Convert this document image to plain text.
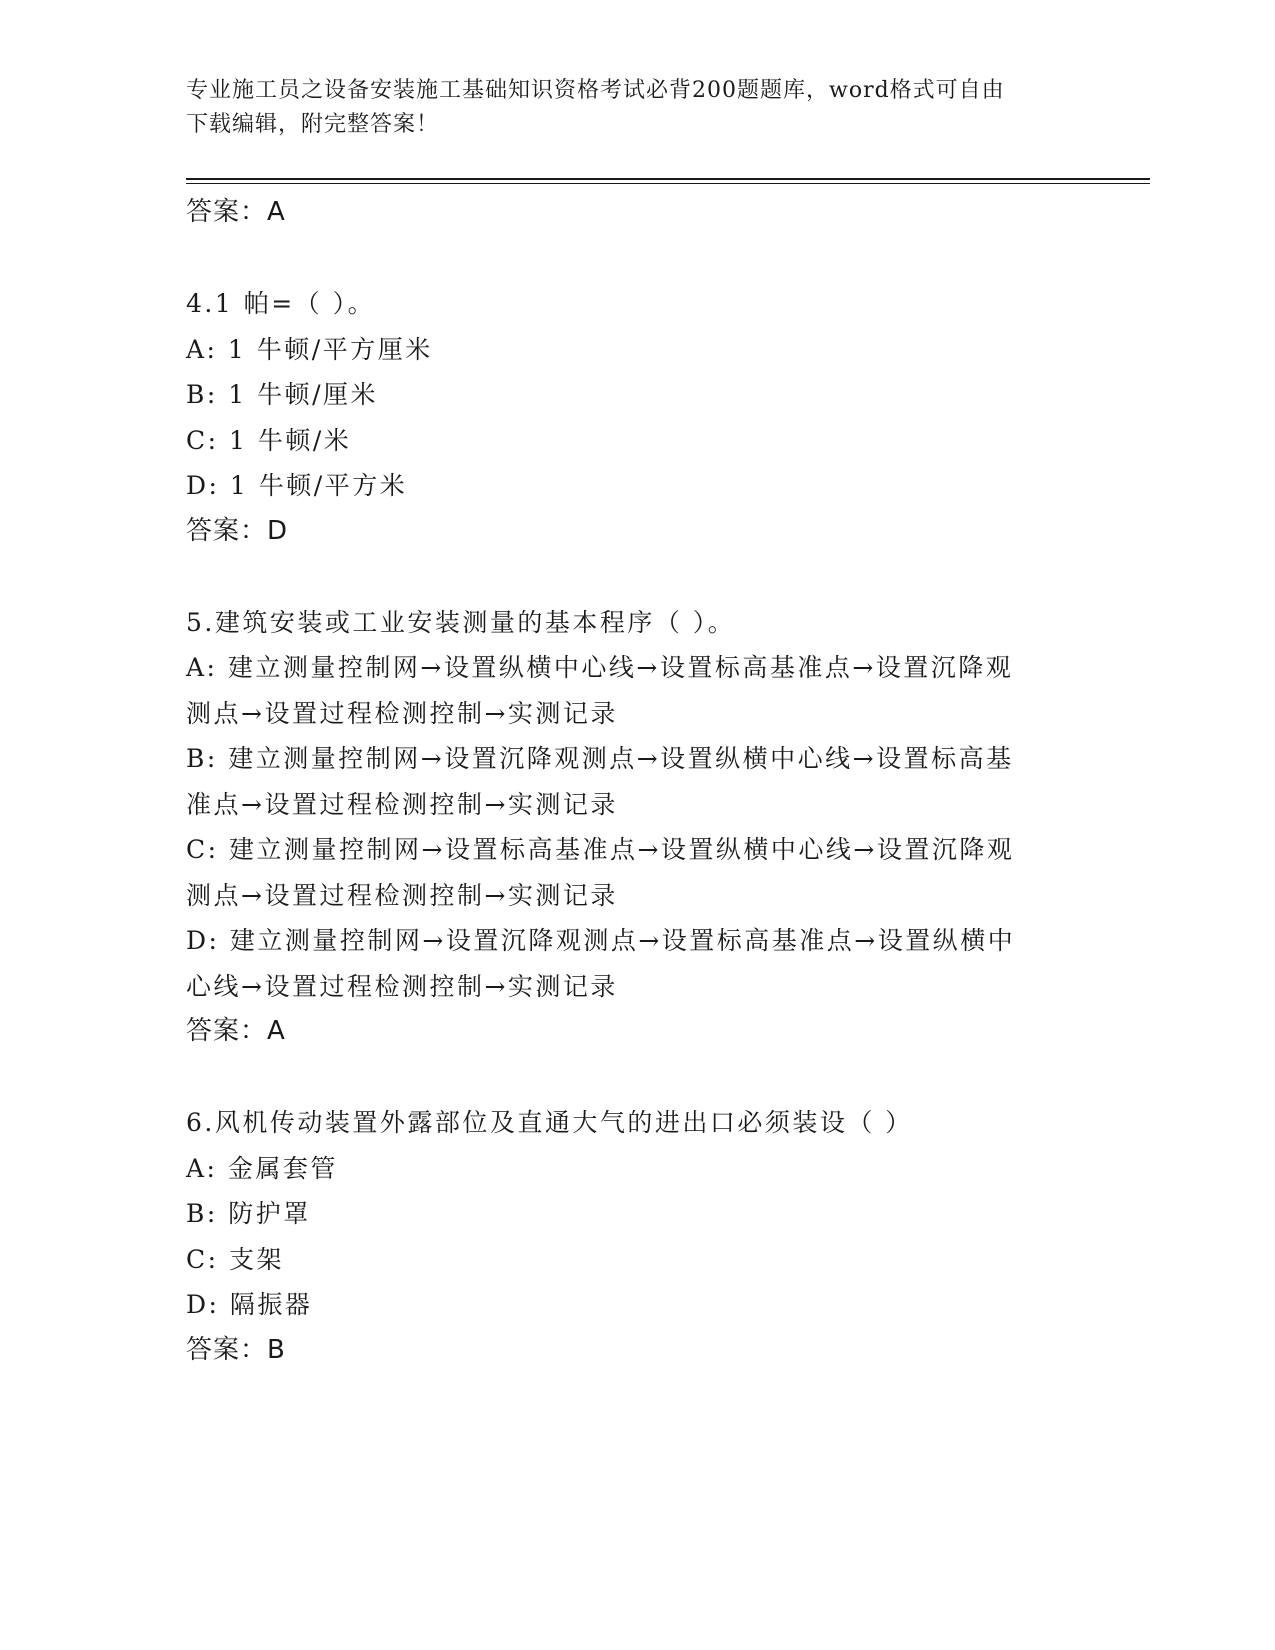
专业施工员之设备安装施工基础知识资格考试必背200题题库，word格式可自由
下载编辑，附完整答案！
答案：A
4.1 帕=（ ）。
A: 1 牛顿/平方厘米
B: 1 牛顿/厘米
C: 1 牛顿/米
D: 1 牛顿/平方米
答案：D
5.建筑安装或工业安装测量的基本程序（ ）。
A: 建立测量控制网→设置纵横中心线→设置标高基准点→设置沉降观
测点→设置过程检测控制→实测记录
B: 建立测量控制网→设置沉降观测点→设置纵横中心线→设置标高基
准点→设置过程检测控制→实测记录
C: 建立测量控制网→设置标高基准点→设置纵横中心线→设置沉降观
测点→设置过程检测控制→实测记录
D: 建立测量控制网→设置沉降观测点→设置标高基准点→设置纵横中
心线→设置过程检测控制→实测记录
答案：A
6.风机传动装置外露部位及直通大气的进出口必须装设（ ）
A: 金属套管
B: 防护罩
C: 支架
D: 隔振器
答案：B
